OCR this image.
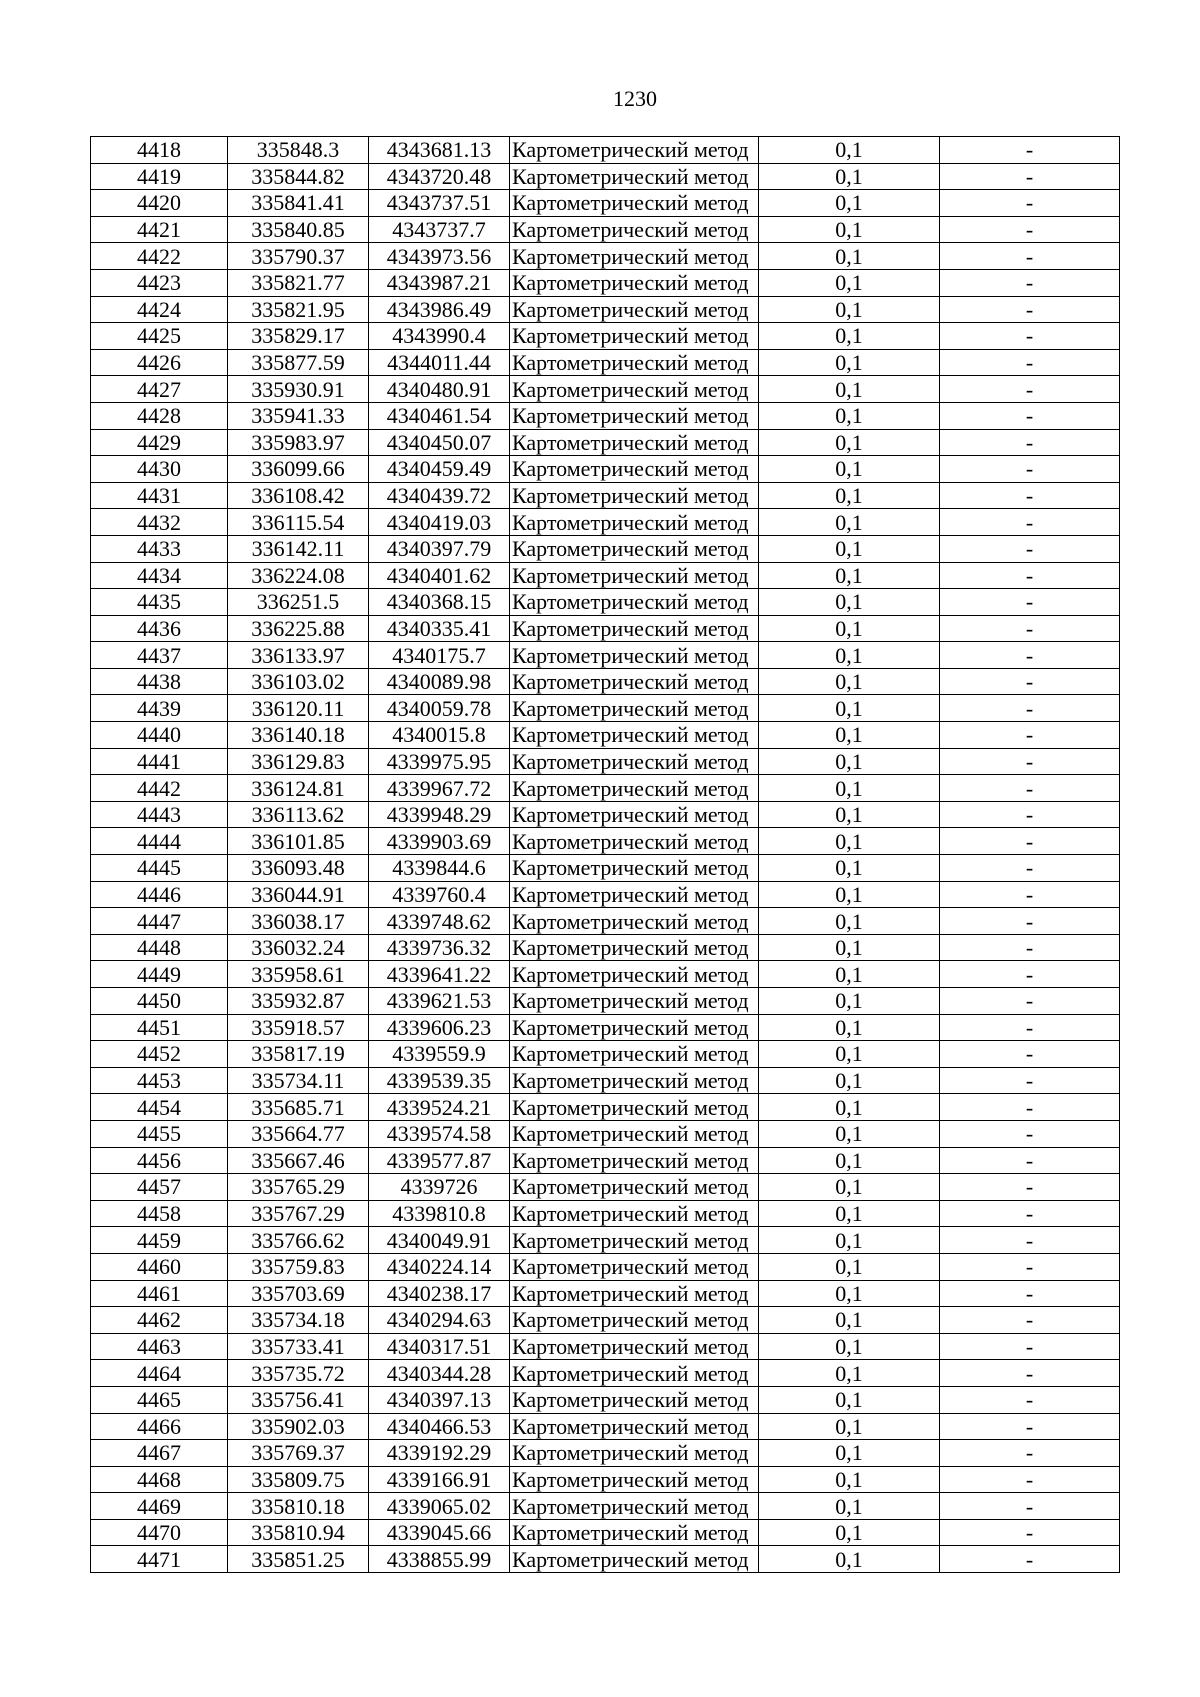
1230
4418	335848.3	4343681.13	Картометрический метод	0,1	-
4419	335844.82	4343720.48	Картометрический метод	0,1	-
4420	335841.41	4343737.51	Картометрический метод	0,1	-
4421	335840.85	4343737.7	Картометрический метод	0,1	-
4422	335790.37	4343973.56	Картометрический метод	0,1	-
4423	335821.77	4343987.21	Картометрический метод	0,1	-
4424	335821.95	4343986.49	Картометрический метод	0,1	-
4425	335829.17	4343990.4	Картометрический метод	0,1	-
4426	335877.59	4344011.44	Картометрический метод	0,1	-
4427	335930.91	4340480.91	Картометрический метод	0,1	-
4428	335941.33	4340461.54	Картометрический метод	0,1	-
4429	335983.97	4340450.07	Картометрический метод	0,1	-
4430	336099.66	4340459.49	Картометрический метод	0,1	-
4431	336108.42	4340439.72	Картометрический метод	0,1	-
4432	336115.54	4340419.03	Картометрический метод	0,1	-
4433	336142.11	4340397.79	Картометрический метод	0,1	-
4434	336224.08	4340401.62	Картометрический метод	0,1	-
4435	336251.5	4340368.15	Картометрический метод	0,1	-
4436	336225.88	4340335.41	Картометрический метод	0,1	-
4437	336133.97	4340175.7	Картометрический метод	0,1	-
4438	336103.02	4340089.98	Картометрический метод	0,1	-
4439	336120.11	4340059.78	Картометрический метод	0,1	-
4440	336140.18	4340015.8	Картометрический метод	0,1	-
4441	336129.83	4339975.95	Картометрический метод	0,1	-
4442	336124.81	4339967.72	Картометрический метод	0,1	-
4443	336113.62	4339948.29	Картометрический метод	0,1	-
4444	336101.85	4339903.69	Картометрический метод	0,1	-
4445	336093.48	4339844.6	Картометрический метод	0,1	-
4446	336044.91	4339760.4	Картометрический метод	0,1	-
4447	336038.17	4339748.62	Картометрический метод	0,1	-
4448	336032.24	4339736.32	Картометрический метод	0,1	-
4449	335958.61	4339641.22	Картометрический метод	0,1	-
4450	335932.87	4339621.53	Картометрический метод	0,1	-
4451	335918.57	4339606.23	Картометрический метод	0,1	-
4452	335817.19	4339559.9	Картометрический метод	0,1	-
4453	335734.11	4339539.35	Картометрический метод	0,1	-
4454	335685.71	4339524.21	Картометрический метод	0,1	-
4455	335664.77	4339574.58	Картометрический метод	0,1	-
4456	335667.46	4339577.87	Картометрический метод	0,1	-
4457	335765.29	4339726	Картометрический метод	0,1	-
4458	335767.29	4339810.8	Картометрический метод	0,1	-
4459	335766.62	4340049.91	Картометрический метод	0,1	-
4460	335759.83	4340224.14	Картометрический метод	0,1	-
4461	335703.69	4340238.17	Картометрический метод	0,1	-
4462	335734.18	4340294.63	Картометрический метод	0,1	-
4463	335733.41	4340317.51	Картометрический метод	0,1	-
4464	335735.72	4340344.28	Картометрический метод	0,1	-
4465	335756.41	4340397.13	Картометрический метод	0,1	-
4466	335902.03	4340466.53	Картометрический метод	0,1	-
4467	335769.37	4339192.29	Картометрический метод	0,1	-
4468	335809.75	4339166.91	Картометрический метод	0,1	-
4469	335810.18	4339065.02	Картометрический метод	0,1	-
4470	335810.94	4339045.66	Картометрический метод	0,1	-
4471	335851.25	4338855.99	Картометрический метод	0,1	-
